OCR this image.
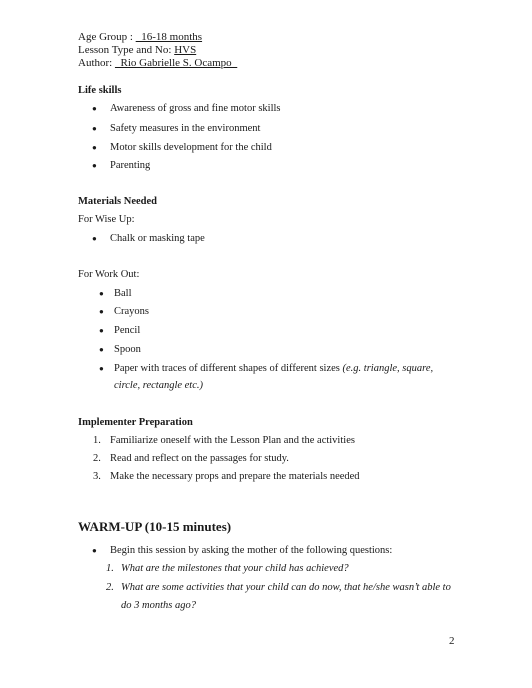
Age Group : _16-18 months
Lesson Type and No: HVS
Author: _Rio Gabrielle S. Ocampo_
Life skills
● Awareness of gross and fine motor skills
● Safety measures in the environment
● Motor skills development for the child
● Parenting
Materials Needed
For Wise Up:
● Chalk or masking tape
For Work Out:
● Ball
● Crayons
● Pencil
● Spoon
● Paper with traces of different shapes of different sizes (e.g. triangle, square,
circle, rectangle etc.)
Implementer Preparation
1. Familiarize oneself with the Lesson Plan and the activities
2. Read and reflect on the passages for study.
3. Make the necessary props and prepare the materials needed
WARM-UP (10-15 minutes)
● Begin this session by asking the mother of the following questions:
1. What are the milestones that your child has achieved?
2. What are some activities that your child can do now, that he/she wasn’t able to
do 3 months ago?
2
